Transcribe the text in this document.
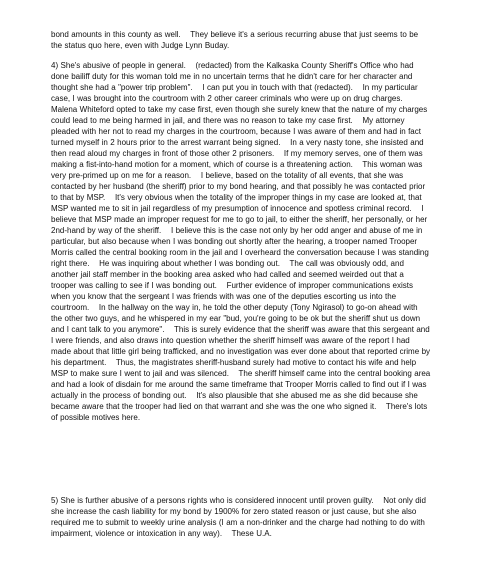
bond amounts in this county as well.    They believe it's a serious recurring abuse that just seems to be the status quo here, even with Judge Lynn Buday.

4) She's abusive of people in general.    (redacted) from the Kalkaska County Sheriff's Office who had done bailiff duty for this woman told me in no uncertain terms that he didn't care for her character and thought she had a "power trip problem".    I can put you in touch with that (redacted).    In my particular case, I was brought into the courtroom with 2 other career criminals who were up on drug charges.    Malena Whiteford opted to take my case first, even though she surely knew that the nature of my charges could lead to me being harmed in jail, and there was no reason to take my case first.    My attorney pleaded with her not to read my charges in the courtroom, because I was aware of them and had in fact turned myself in 2 hours prior to the arrest warrant being signed.    In a very nasty tone, she insisted and then read aloud my charges in front of those other 2 prisoners.    If my memory serves, one of them was making a fist-into-hand motion for a moment, which of course is a threatening action.    This woman was very pre-primed up on me for a reason.    I believe, based on the totality of all events, that she was contacted by her husband (the sheriff) prior to my bond hearing, and that possibly he was contacted prior to that by MSP.    It's very obvious when the totality of the improper things in my case are looked at, that MSP wanted me to sit in jail regardless of my presumption of innocence and spotless criminal record.    I believe that MSP made an improper request for me to go to jail, to either the sheriff, her personally, or her 2nd-hand by way of the sheriff.    I believe this is the case not only by her odd anger and abuse of me in particular, but also because when I was bonding out shortly after the hearing, a trooper named Trooper Morris called the central booking room in the jail and I overheard the conversation because I was standing right there.    He was inquiring about whether I was bonding out.    The call was obviously odd, and another jail staff member in the booking area asked who had called and seemed weirded out that a trooper was calling to see if I was bonding out.    Further evidence of improper communications exists when you know that the sergeant I was friends with was one of the deputies escorting us into the courtroom.    In the hallway on the way in, he told the other deputy (Tony Ngirasol) to go-on ahead with the other two guys, and he whispered in my ear "bud, you're going to be ok but the sheriff shut us down and I cant talk to you anymore".    This is surely evidence that the sheriff was aware that this sergeant and I were friends, and also draws into question whether the sheriff himself was aware of the report I had made about that little girl being trafficked, and no investigation was ever done about that reported crime by his department.    Thus, the magistrates sheriff-husband surely had motive to contact his wife and help MSP to make sure I went to jail and was silenced.    The sheriff himself came into the central booking area and had a look of disdain for me around the same timeframe that Trooper Morris called to find out if I was actually in the process of bonding out.    It's also plausible that she abused me as she did because she became aware that the trooper had lied on that warrant and she was the one who signed it.    There's lots of possible motives here.

5) She is further abusive of a persons rights who is considered innocent until proven guilty.    Not only did she increase the cash liability for my bond by 1900% for zero stated reason or just cause, but she also required me to submit to weekly urine analysis (I am a non-drinker and the charge had nothing to do with impairment, violence or intoxication in any way).    These U.A.
